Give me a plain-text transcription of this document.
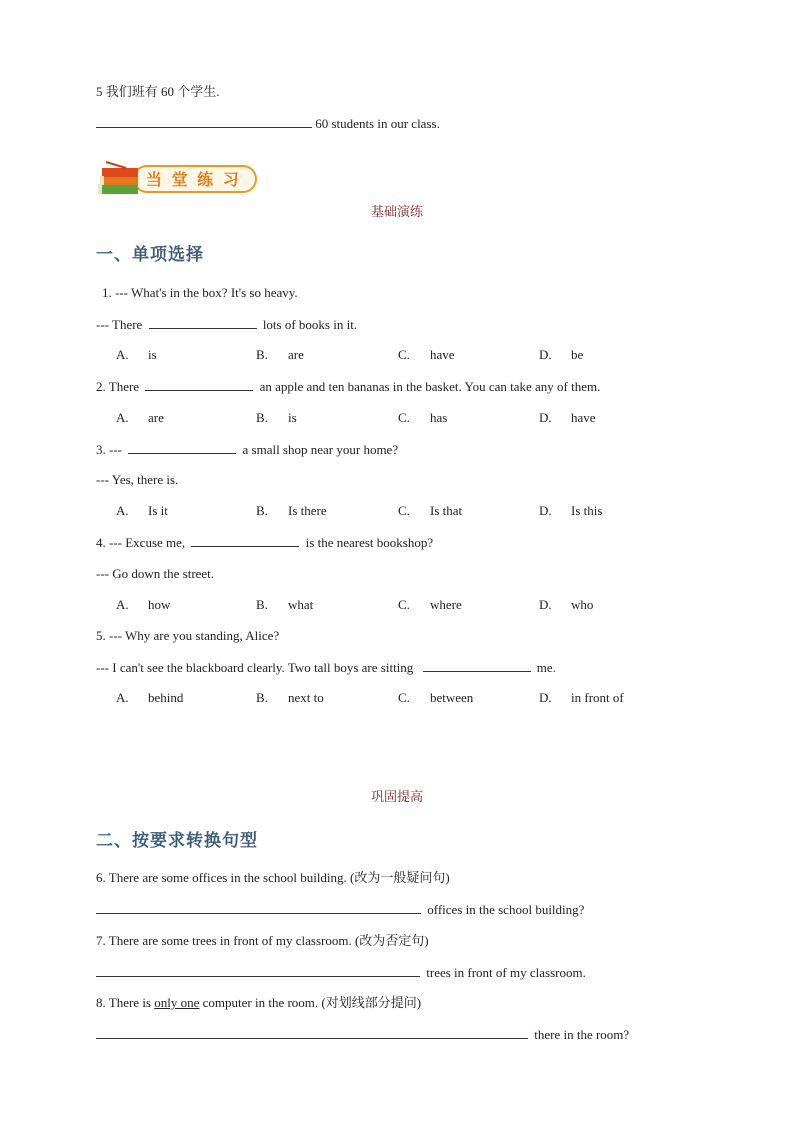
5 我们班有 60 个学生.
60 students in our class.
当 堂 练 习
基础演练
一、单项选择
1. --- What's in the box? It's so heavy.
--- There	lots of books in it.
A. is	B. are	C. have	D. be
2. There	an apple and ten bananas in the basket. You can take any of them.
A. are	B. is	C. has	D. have
3. ---	a small shop near your home?
--- Yes, there is.
A. Is it	B. Is there	C. Is that	D. Is this
4. --- Excuse me,	is the nearest bookshop?
--- Go down the street.
A. how	B. what	C. where	D. who
5. --- Why are you standing, Alice?
--- I can't see the blackboard clearly. Two tall boys are sitting	me.
A. behind	B. next to	C. between	D. in front of
巩固提高
二、按要求转换句型
6. There are some offices in the school building. (改为一般疑问句)
offices in the school building?
7. There are some trees in front of my classroom. (改为否定句)
trees in front of my classroom.
8. There is only one computer in the room. (对划线部分提问)
there in the room?
